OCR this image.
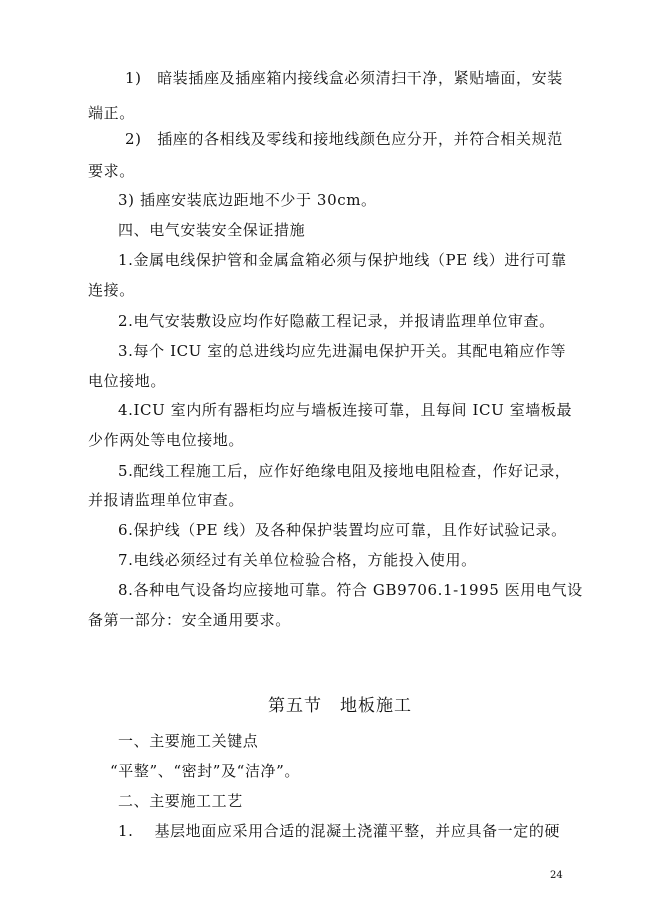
1)　暗装插座及插座箱内接线盒必须清扫干净，紧贴墙面，安装
端正。
2)　插座的各相线及零线和接地线颜色应分开，并符合相关规范
要求。
3) 插座安装底边距地不少于 30cm。
四、电气安装安全保证措施
1.金属电线保护管和金属盒箱必须与保护地线（PE 线）进行可靠
连接。
2.电气安装敷设应均作好隐蔽工程记录，并报请监理单位审查。
3.每个 ICU 室的总进线均应先进漏电保护开关。其配电箱应作等
电位接地。
4.ICU 室内所有器柜均应与墙板连接可靠，且每间 ICU 室墙板最
少作两处等电位接地。
5.配线工程施工后，应作好绝缘电阻及接地电阻检查，作好记录，
并报请监理单位审查。
6.保护线（PE 线）及各种保护装置均应可靠，且作好试验记录。
7.电线必须经过有关单位检验合格，方能投入使用。
8.各种电气设备均应接地可靠。符合 GB9706.1-1995 医用电气设
备第一部分：安全通用要求。
第五节　地板施工
一、主要施工关键点
“平整”、“密封”及“洁净”。
二、主要施工工艺
1.　 基层地面应采用合适的混凝土浇灌平整，并应具备一定的硬
24
